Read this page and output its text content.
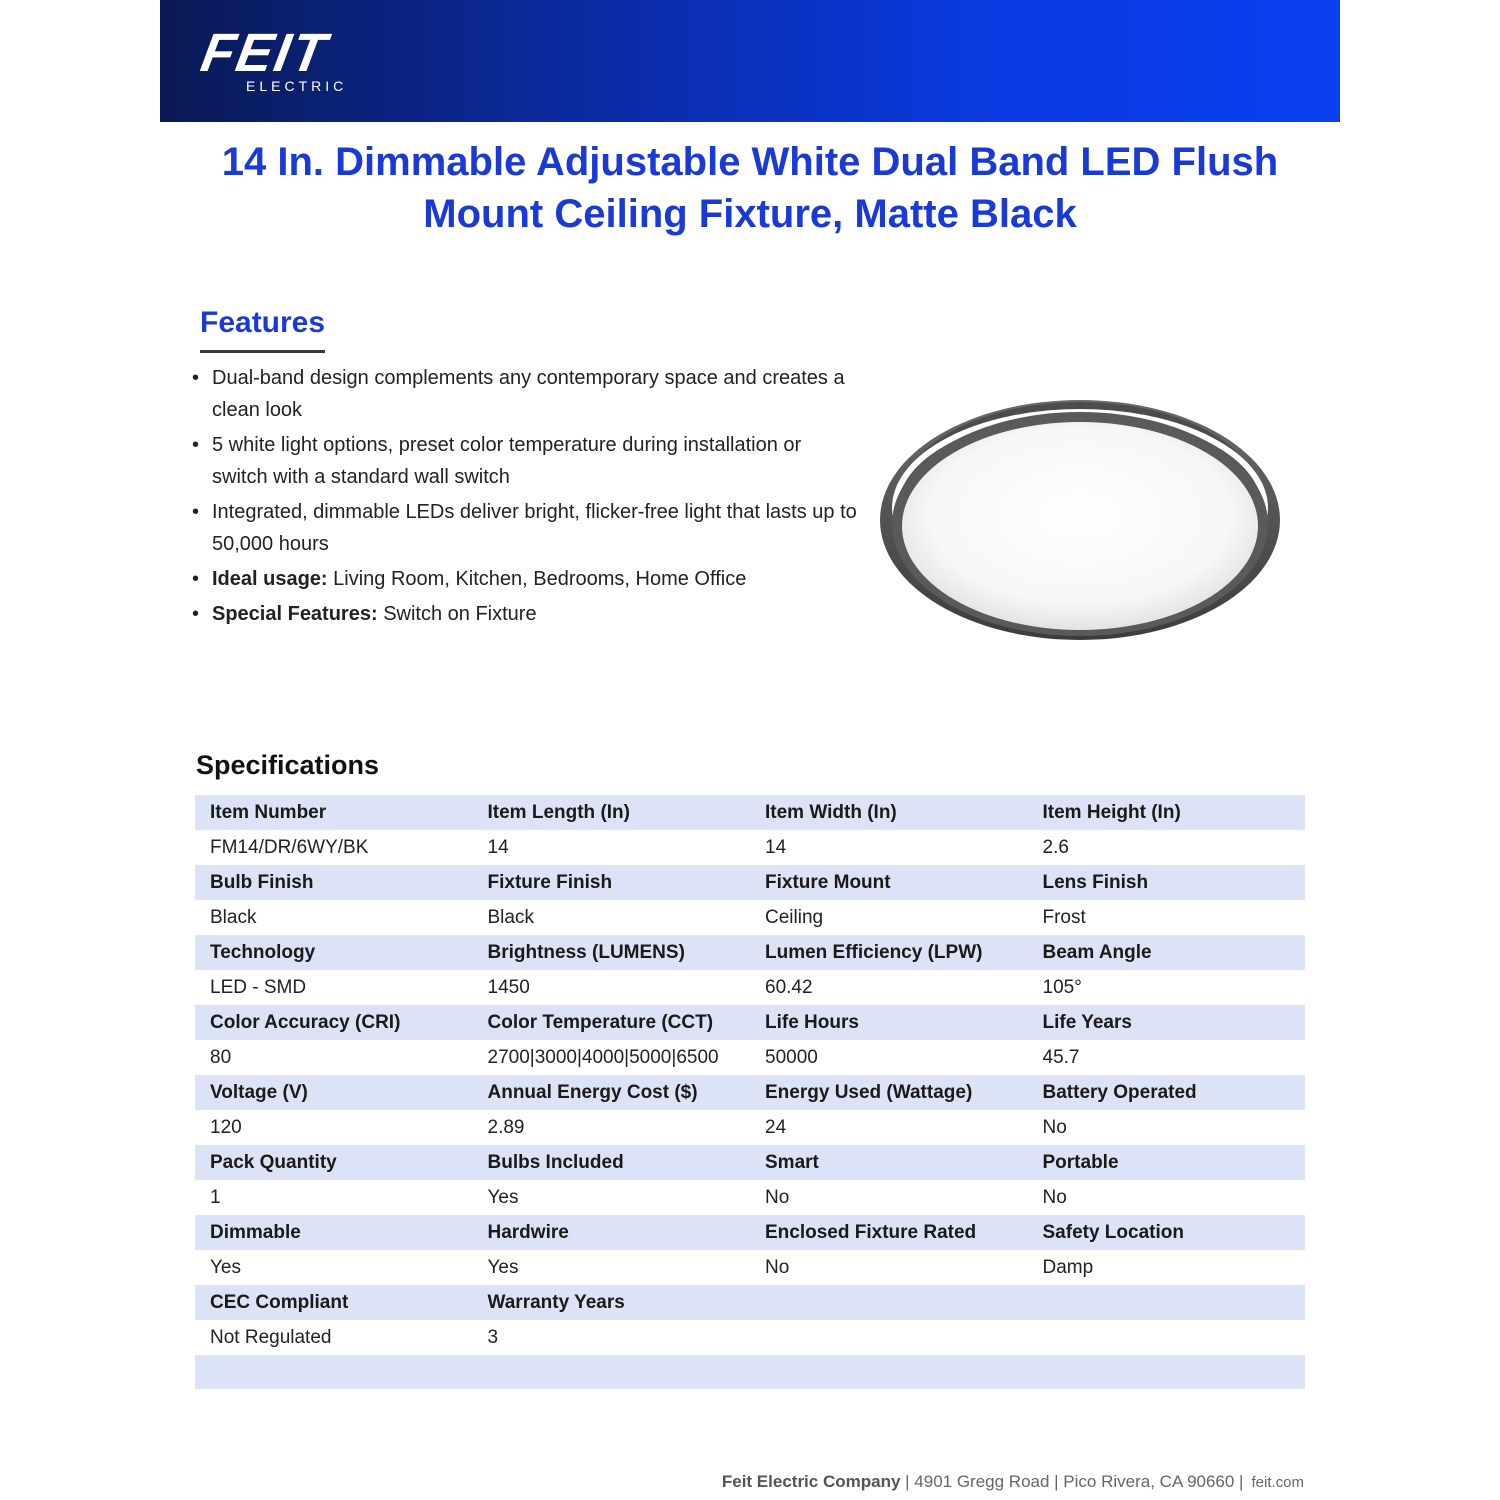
FEIT
ELECTRIC
14 In. Dimmable Adjustable White Dual Band LED Flush
Mount Ceiling Fixture, Matte Black
Features
• Dual-band design complements any contemporary space and creates a clean look
• 5 white light options, preset color temperature during installation or switch with a standard wall switch
• Integrated, dimmable LEDs deliver bright, flicker-free light that lasts up to 50,000 hours
• Ideal usage: Living Room, Kitchen, Bedrooms, Home Office
• Special Features: Switch on Fixture
Specifications
Item Number	Item Length (In)	Item Width (In)	Item Height (In)
FM14/DR/6WY/BK	14	14	2.6
Bulb Finish	Fixture Finish	Fixture Mount	Lens Finish
Black	Black	Ceiling	Frost
Technology	Brightness (LUMENS)	Lumen Efficiency (LPW)	Beam Angle
LED - SMD	1450	60.42	105°
Color Accuracy (CRI)	Color Temperature (CCT)	Life Hours	Life Years
80	2700|3000|4000|5000|6500	50000	45.7
Voltage (V)	Annual Energy Cost ($)	Energy Used (Wattage)	Battery Operated
120	2.89	24	No
Pack Quantity	Bulbs Included	Smart	Portable
1	Yes	No	No
Dimmable	Hardwire	Enclosed Fixture Rated	Safety Location
Yes	Yes	No	Damp
CEC Compliant	Warranty Years		
Not Regulated	3		

Feit Electric Company | 4901 Gregg Road | Pico Rivera, CA 90660 | feit.com
